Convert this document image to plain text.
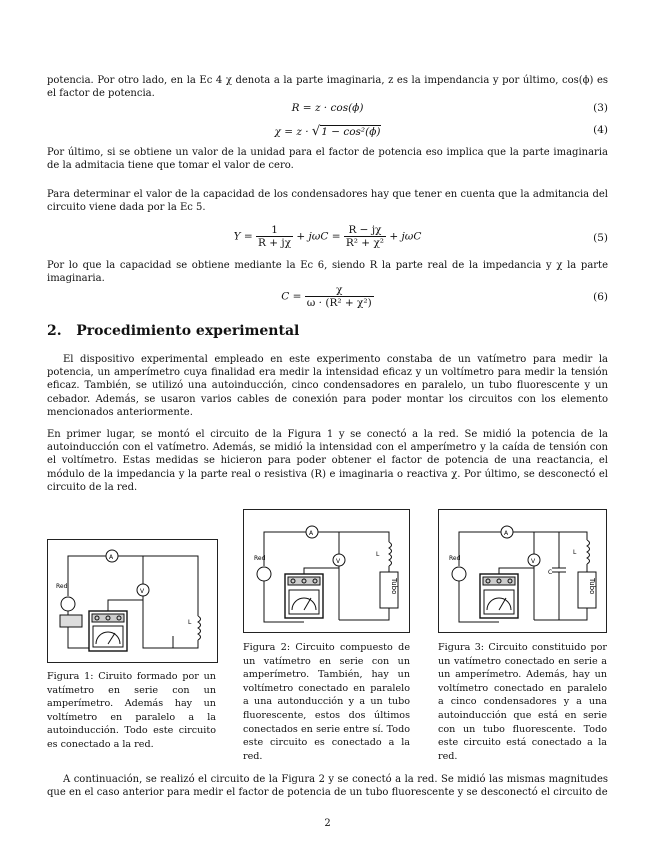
potencia. Por otro lado, en la Ec 4 χ denota a la parte imaginaria, z es la impendancia y por último, cos(ϕ) es el factor de potencia.

R = z · cos(ϕ)	(3)
χ = z · √1 − cos²(ϕ)	(4)

Por último, si se obtiene un valor de la unidad para el factor de potencia eso implica que la parte imaginaria de la admitacia tiene que tomar el valor de cero.

Para determinar el valor de la capacidad de los condensadores hay que tener en cuenta que la admitancia del circuito viene dada por la Ec 5.

$Y = \frac{1}{R + j\chi} + j\omega C = \frac{R - j\chi}{\text{R² + χ²}} + j\omega C$	(5)

Por lo que la capacidad se obtiene mediante la Ec 6, siendo R la parte real de la impedancia y χ la parte imaginaria.

$C = \frac{\chi}{\text{ω · (R² + χ²)}}$	(6)
2. Procedimiento experimental

El dispositivo experimental empleado en este experimento constaba de un vatímetro para medir la potencia, un amperímetro cuya finalidad era medir la intensidad eficaz y un voltímetro para medir la tensión eficaz. También, se utilizó una autoinducción, cinco condensadores en paralelo, un tubo fluorescente y un cebador. Además, se usaron varios cables de conexión para poder montar los circuitos con los elemento mencionados anteriormente.

En primer lugar, se montó el circuito de la Figura 1 y se conectó a la red. Se midió la potencia de la autoinducción con el vatímetro. Además, se midió la intensidad con el amperímetro y la caída de tensión con el voltímetro. Estas medidas se hicieron para poder obtener el factor de potencia de una reactancia, el módulo de la impedancia y la parte real o resistiva (R) e imaginaria o reactiva χ. Por último, se desconectó el circuito de la red.

A
V
Red
L

Figura 1: Ciruito formado por un vatímetro en serie con un amperímetro. Además hay un voltímetro en paralelo a la autoinducción. Todo este circuito es conectado a la red.

A
V
Red
L
Tubo

Figura 2: Circuito compuesto de un vatímetro en serie con un amperímetro. También, hay un voltímetro conectado en paralelo a una autonducción y a un tubo fluorescente, estos dos últimos conectados en serie entre sí. Todo este circuito es conectado a la red.

A
V
Red
L
C
Tubo

Figura 3: Circuito constituido por un vatímetro conectado en serie a un amperímetro. Además, hay un voltímetro conectado en paralelo a cinco condensadores y a una autoinducción que está en serie con un tubo fluorescente. Todo este circuito está conectado a la red.

A continuación, se realizó el circuito de la Figura 2 y se conectó a la red. Se midió las mismas magnitudes que en el caso anterior para medir el factor de potencia de un tubo fluorescente y se desconectó el circuito de

2
